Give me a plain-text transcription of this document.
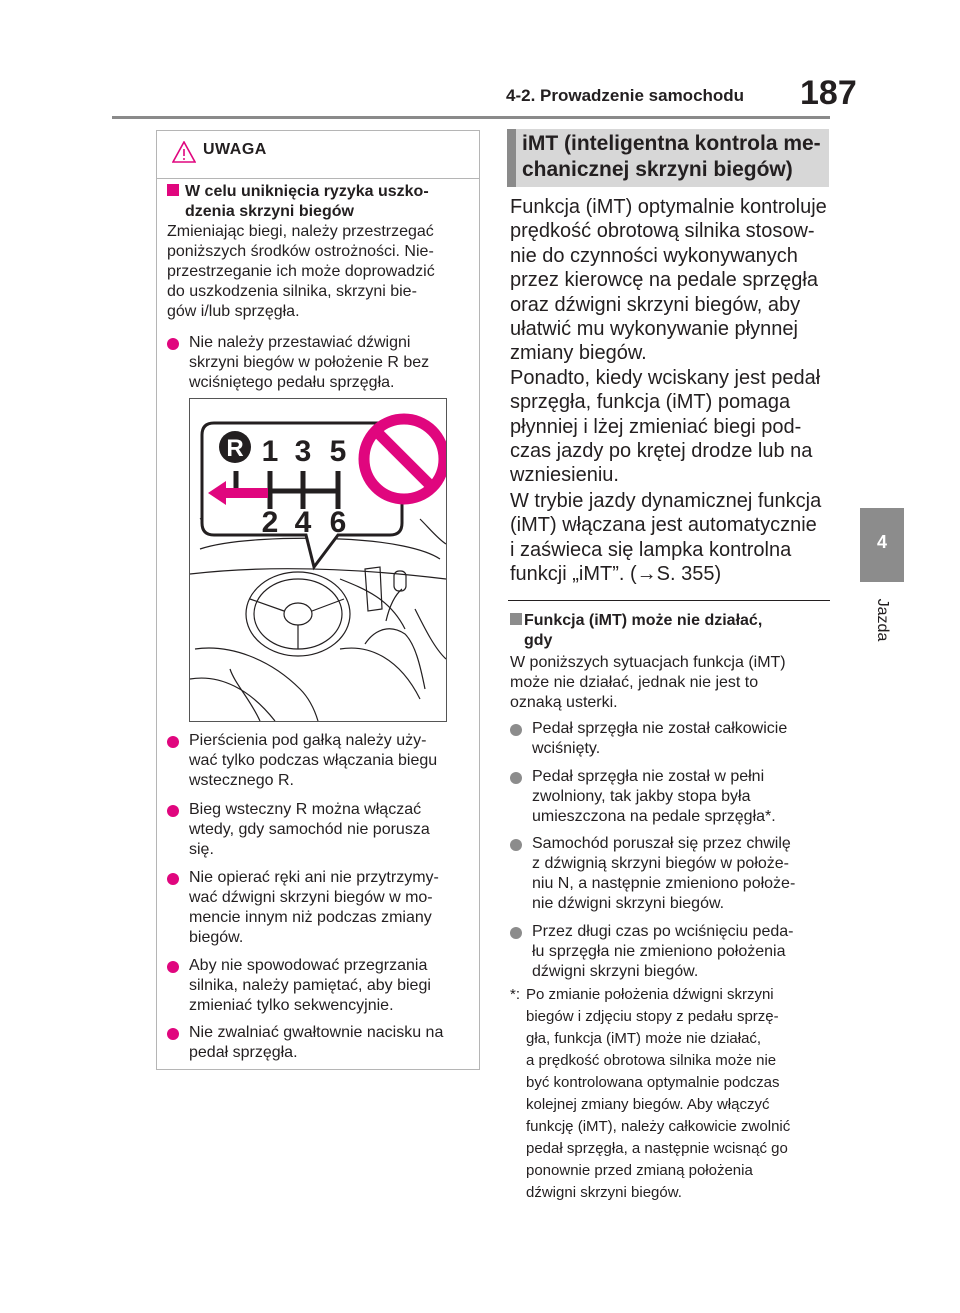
4-2. Prowadzenie samochodu 187
4
Jazda
UWAGA
W celu uniknięcia ryzyka uszko-
dzenia skrzyni biegów
Zmieniając biegi, należy przestrzegać
poniższych środków ostrożności. Nie-
przestrzeganie ich może doprowadzić
do uszkodzenia silnika, skrzyni bie-
gów i/lub sprzęgła.
Nie należy przestawiać dźwigni
skrzyni biegów w położenie R bez
wciśniętego pedału sprzęgła.
R 1 3 5
2 4 6
Pierścienia pod gałką należy uży-
wać tylko podczas włączania biegu
wstecznego R.
Bieg wsteczny R można włączać
wtedy, gdy samochód nie porusza
się.
Nie opierać ręki ani nie przytrzymy-
wać dźwigni skrzyni biegów w mo-
mencie innym niż podczas zmiany
biegów.
Aby nie spowodować przegrzania
silnika, należy pamiętać, aby biegi
zmieniać tylko sekwencyjnie.
Nie zwalniać gwałtownie nacisku na
pedał sprzęgła.
iMT (inteligentna kontrola me-
chanicznej skrzyni biegów)
Funkcja (iMT) optymalnie kontroluje
prędkość obrotową silnika stosow-
nie do czynności wykonywanych
przez kierowcę na pedale sprzęgła
oraz dźwigni skrzyni biegów, aby
ułatwić mu wykonywanie płynnej
zmiany biegów.
Ponadto, kiedy wciskany jest pedał
sprzęgła, funkcja (iMT) pomaga
płynniej i lżej zmieniać biegi pod-
czas jazdy po krętej drodze lub na
wzniesieniu.
W trybie jazdy dynamicznej funkcja
(iMT) włączana jest automatycznie
i zaświeca się lampka kontrolna
funkcji „iMT”. (→S. 355)
Funkcja (iMT) może nie działać,
gdy
W poniższych sytuacjach funkcja (iMT)
może nie działać, jednak nie jest to
oznaką usterki.
Pedał sprzęgła nie został całkowicie
wciśnięty.
Pedał sprzęgła nie został w pełni
zwolniony, tak jakby stopa była
umieszczona na pedale sprzęgła*.
Samochód poruszał się przez chwilę
z dźwignią skrzyni biegów w położe-
niu N, a następnie zmieniono położe-
nie dźwigni skrzyni biegów.
Przez długi czas po wciśnięciu peda-
łu sprzęgła nie zmieniono położenia
dźwigni skrzyni biegów.
*: Po zmianie położenia dźwigni skrzyni
biegów i zdjęciu stopy z pedału sprzę-
gła, funkcja (iMT) może nie działać,
a prędkość obrotowa silnika może nie
być kontrolowana optymalnie podczas
kolejnej zmiany biegów. Aby włączyć
funkcję (iMT), należy całkowicie zwolnić
pedał sprzęgła, a następnie wcisnąć go
ponownie przed zmianą położenia
dźwigni skrzyni biegów.
